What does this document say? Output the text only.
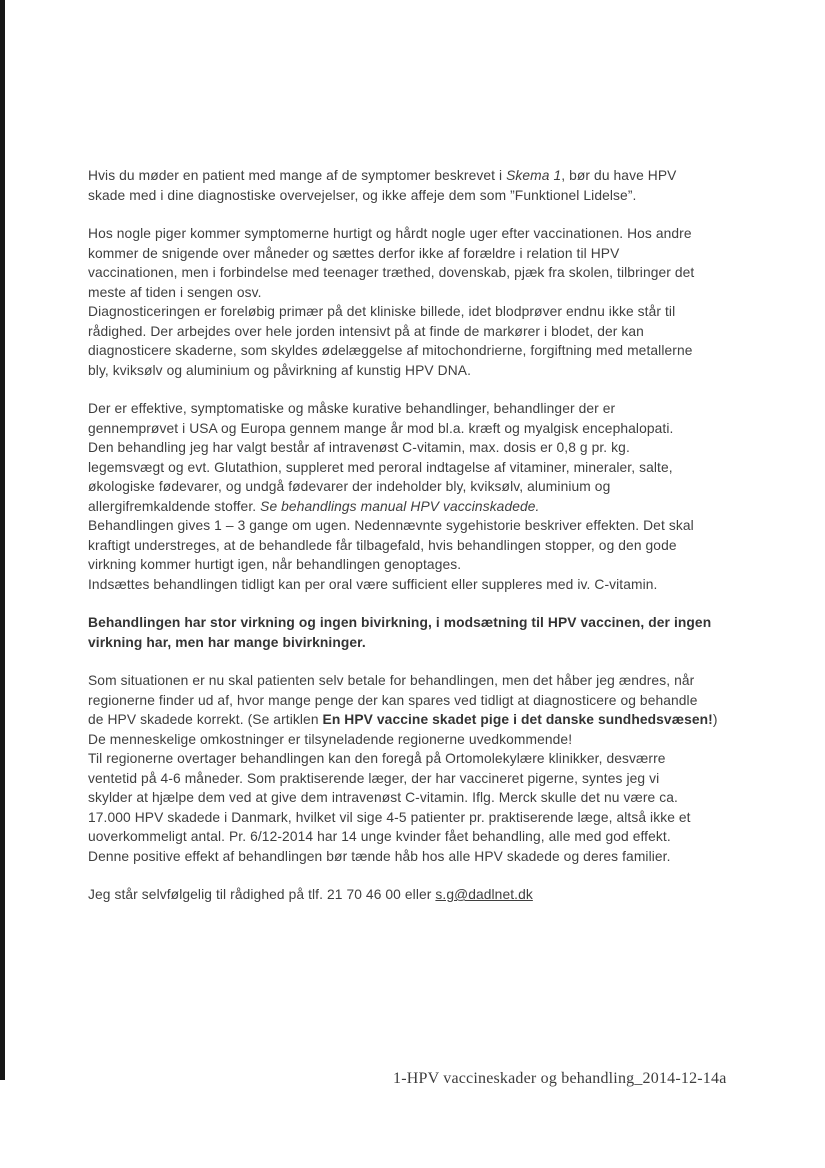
Hvis du møder en patient med mange af de symptomer beskrevet i Skema 1, bør du have HPV
skade med i dine diagnostiske overvejelser, og ikke affeje dem som ”Funktionel Lidelse”.
Hos nogle piger kommer symptomerne hurtigt og hårdt nogle uger efter vaccinationen. Hos andre
kommer de snigende over måneder og sættes derfor ikke af forældre i relation til HPV
vaccinationen, men i forbindelse med teenager træthed, dovenskab, pjæk fra skolen, tilbringer det
meste af tiden i sengen osv.
Diagnosticeringen er foreløbig primær på det kliniske billede, idet blodprøver endnu ikke står til
rådighed. Der arbejdes over hele jorden intensivt på at finde de markører i blodet, der kan
diagnosticere skaderne, som skyldes ødelæggelse af mitochondrierne, forgiftning med metallerne
bly, kviksølv og aluminium og påvirkning af kunstig HPV DNA.
Der er effektive, symptomatiske og måske kurative behandlinger, behandlinger der er
gennemprøvet i USA og Europa gennem mange år mod bl.a. kræft og myalgisk encephalopati.
Den behandling jeg har valgt består af intravenøst C-vitamin, max. dosis er 0,8 g pr. kg.
legemsvægt og evt. Glutathion, suppleret med peroral indtagelse af vitaminer, mineraler, salte,
økologiske fødevarer, og undgå fødevarer der indeholder bly, kviksølv, aluminium og
allergifremkaldende stoffer. Se behandlings manual HPV vaccinskadede.
Behandlingen gives 1 – 3 gange om ugen. Nedennævnte sygehistorie beskriver effekten. Det skal
kraftigt understreges, at de behandlede får tilbagefald, hvis behandlingen stopper, og den gode
virkning kommer hurtigt igen, når behandlingen genoptages.
Indsættes behandlingen tidligt kan per oral være sufficient eller suppleres med iv. C-vitamin.
Behandlingen har stor virkning og ingen bivirkning, i modsætning til HPV vaccinen, der ingen
virkning har, men har mange bivirkninger.
Som situationen er nu skal patienten selv betale for behandlingen, men det håber jeg ændres, når
regionerne finder ud af, hvor mange penge der kan spares ved tidligt at diagnosticere og behandle
de HPV skadede korrekt. (Se artiklen En HPV vaccine skadet pige i det danske sundhedsvæsen!)
De menneskelige omkostninger er tilsyneladende regionerne uvedkommende!
Til regionerne overtager behandlingen kan den foregå på Ortomolekylære klinikker, desværre
ventetid på 4-6 måneder. Som praktiserende læger, der har vaccineret pigerne, syntes jeg vi
skylder at hjælpe dem ved at give dem intravenøst C-vitamin. Iflg. Merck skulle det nu være ca.
17.000 HPV skadede i Danmark, hvilket vil sige 4-5 patienter pr. praktiserende læge, altså ikke et
uoverkommeligt antal. Pr. 6/12-2014 har 14 unge kvinder fået behandling, alle med god effekt.
Denne positive effekt af behandlingen bør tænde håb hos alle HPV skadede og deres familier.
Jeg står selvfølgelig til rådighed på tlf. 21 70 46 00 eller s.g@dadlnet.dk
1-HPV vaccineskader og behandling_2014-12-14a
